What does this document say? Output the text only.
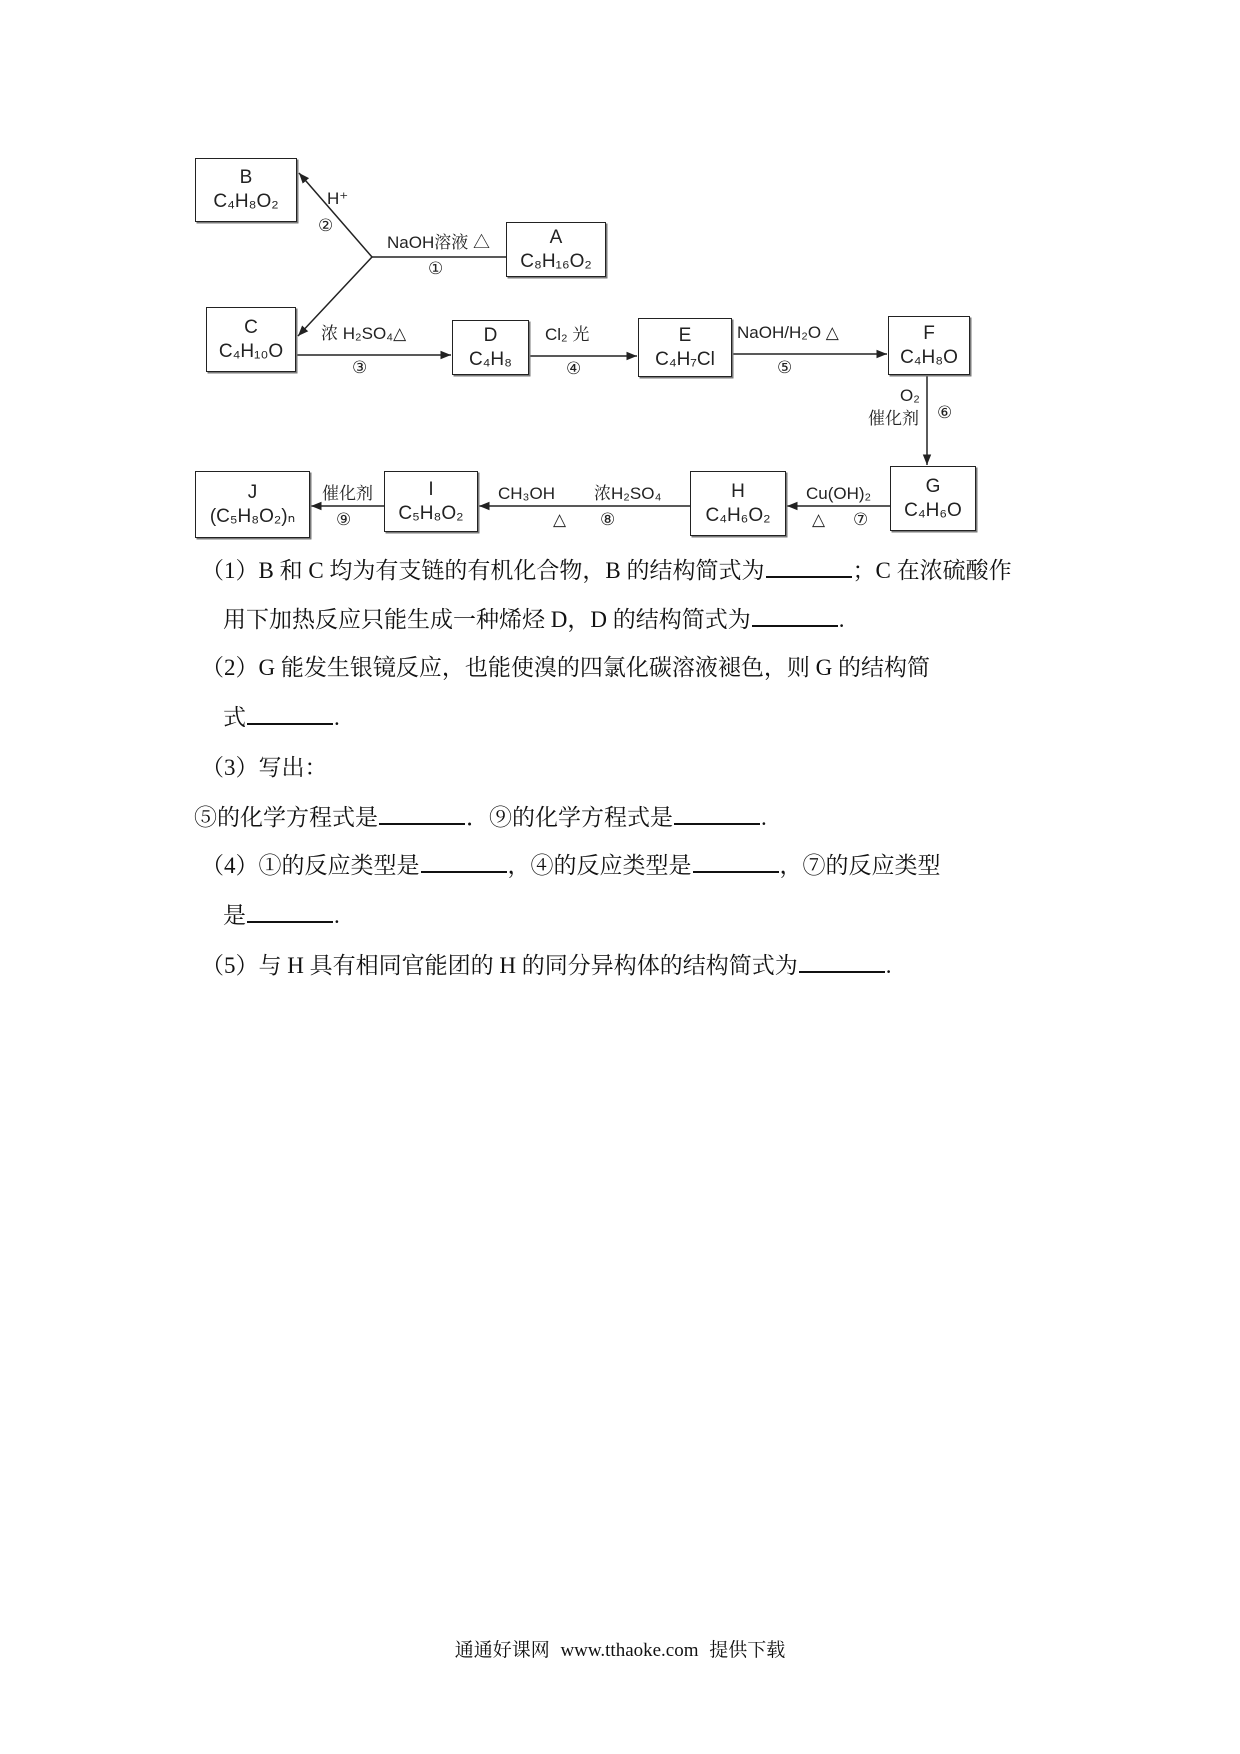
B
C₄H₈O₂
A
C₈H₁₆O₂
C
C₄H₁₀O
D
C₄H₈
E
C₄H₇Cl
F
C₄H₈O
G
C₄H₆O
H
C₄H₆O₂
I
C₅H₈O₂
J
(C₅H₈O₂)ₙ
NaOH溶液 △
①
H⁺
②
浓 H₂SO₄△
③
Cl₂ 光
④
NaOH/H₂O △
⑤
O₂
催化剂 ⑥
Cu(OH)₂
△ ⑦
CH₃OH 浓H₂SO₄
△ ⑧
催化剂
⑨
（1）B 和 C 均为有支链的有机化合物，B 的结构简式为	；C 在浓硫酸作
用下加热反应只能生成一种烯烃 D，D 的结构简式为	.
（2）G 能发生银镜反应，也能使溴的四氯化碳溶液褪色，则 G 的结构简
式	.
（3）写出：
⑤的化学方程式是	．⑨的化学方程式是	.
（4）①的反应类型是	，④的反应类型是	，⑦的反应类型
是	.
（5）与 H 具有相同官能团的 H 的同分异构体的结构简式为	.
通通好课网 www.tthaoke.com 提供下载
